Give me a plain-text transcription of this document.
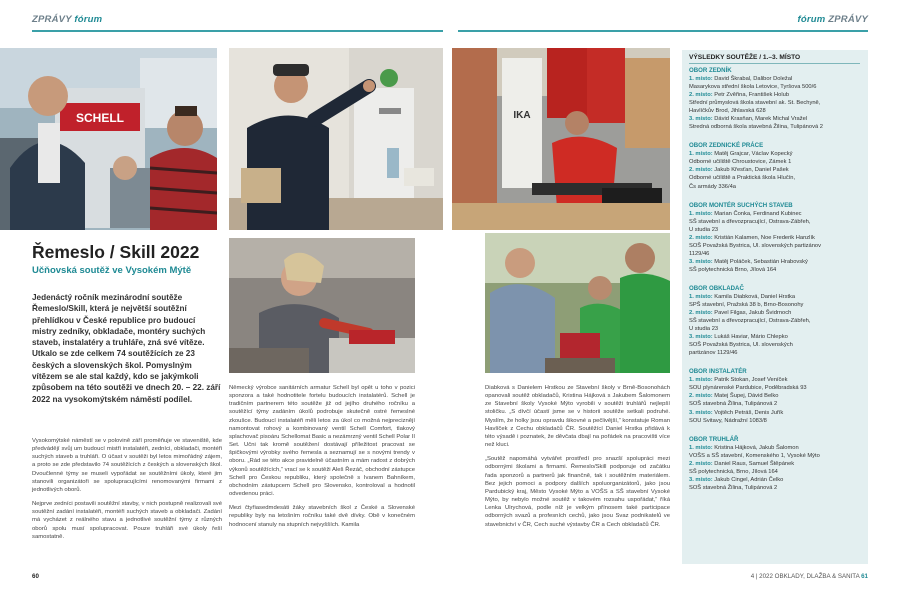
ZPRÁVY fórum	fórum ZPRÁVY
SCHELL	IKA
Řemeslo / Skill 2022
Učňovská soutěž ve Vysokém Mýtě
Jedenáctý ročník mezinárodní soutěže Řemeslo/Skill, která je největší soutěžní přehlídkou v České republice pro budoucí mistry zedníky, obkladače, montéry suchých staveb, instalatéry a truhláře, zná své vítěze. Utkalo se zde celkem 74 soutěžících ze 23 českých a slovenských škol. Pomyslným vítězem se ale stal každý, kdo se jakýmkoli způsobem na této soutěži ve dnech 20. – 22. září 2022 na vysokomýtském náměstí podílel.

Vysokomýtské náměstí se v polovině září proměňuje ve staveniště, kde předvádějí svůj um budoucí mistři instalatéři, zedníci, obkladači, montéři suchých staveb a truhláři. O účast v soutěži byl letos mimořádný zájem, a proto se zde představilo 74 soutěžících z českých a slovenských škol. Dvoučlenné týmy se museli vypořádat se soutěžními úkoly, které jim stanovili organizátoři se spolupracujícími renomovanými firmami z jednotlivých oborů.

Nejprve zedníci postavili soutěžní stavby, v nich postupně realizovali své soutěžní zadání instalatéři, montéři suchých staveb a obkladači. Zadání má vycházet z reálného stavu a jednotlivé soutěžní týmy z různých oborů spolu musí spolupracovat. Pouze truhláři své úkoly řeší samostatně.

Německý výrobce sanitárních armatur Schell byl opět u toho v pozici sponzora a také hodnotitele fortelu budoucích instalatérů. Schell je tradičním partnerem této soutěže již od jejího druhého ročníku a soutěžící týmy zadáním úkolů podrobuje skutečně ostré řemeslné zkoušce. Budoucí instalatéři měli letos za úkol co možná nejpreciznějí namontovat rohový a kombinovaný ventil Schell Comfort, tlakový splachovač pisoáru Schellomat Basic a nezámrzný ventil Schell Polar II Set. Učni tak kromě soutěžení dostávají příležitost pracovat se špičkovými výrobky svého řemesla a seznamují se s novými trendy v oboru. „Rád se této akce pravidelně účastním a mám radost z dobrých výkonů soutěžících,“ vrací se k soutěži Aleš Řezáč, obchodní zástupce Schell pro Českou republiku, který společně s Ivanem Bahníkem, obchodním zástupcem Schell pro Slovensko, kontroloval a hodnotil odvedenou práci.

Mezi čtyřiasedmdesáti žáky stavebních škol z České a Slovenské republiky byly na letošním ročníku také dvě dívky. Obě v konečném hodnocení stanuly na stupních nejvyšších. Kamila

Diabková s Danielem Hrstkou ze Stavební školy v Brně-Bosonohách opanovali soutěž obkladačů, Kristina Hájková s Jakubem Šalomonem ze Stavební školy Vysoké Mýto vyrobili v soutěži truhlářů nejlepší stoličku. „S dívčí účastí jsme se v historii soutěže setkali podruhé. Myslím, že holky jsou opravdu šikovné a pečlivější,“ konstatuje Roman Havlíček z Cechu obkladačů ČR. Soutěžící Daniel Hrstka přidává k této výsadě i poznatek, že děvčata dbají na pořádek na pracovišti více než kluci.

„Soutěž napomáhá vytvářet prostředí pro snazší spolupráci mezi odbornými školami a firmami. Řemeslo/Skill podporuje od začátku řada sponzorů a partnerů jak finančně, tak i soutěžním materiálem. Bez jejich pomoci a podpory dalších spoluorganizátorů, jako jsou Pardubický kraj, Město Vysoké Mýto a VOŠS a SŠ stavební Vysoké Mýto, by nebylo možné soutěž v takovém rozsahu uspořádat,“ říká Lenka Ulrychová, podle níž je velkým přínosem také participace odborných svazů a profesních cechů, jako jsou Svaz podnikatelů ve stavebnictví v ČR, Cech suché výstavby ČR a Cech obkladačů ČR.

VÝSLEDKY SOUTĚŽE / 1.–3. MÍSTO
OBOR ZEDNÍK
1. místo: David Škrabal, Dalibor Doležal
Masarykova střední škola Letovice, Tyršova 500/6
2. místo: Petr Zvěřina, František Holub
Střední průmyslová škola stavební ak. St. Bechyně,
Havlíčkův Brod, Jihlavská 628
3. místo: Dávid Krasňan, Marek Michal Vražel
Stredná odborná škola stavebná Žilina, Tulipánová 2
OBOR ZEDNICKÉ PRÁCE
1. místo: Matěj Grajcar, Václav Kopecký
Odborné učiliště Chroustovice, Zámek 1
2. místo: Jakub Křesťan, Daniel Pašek
Odborné učiliště a Praktická škola Hlučín,
Čs armády 336/4a
OBOR MONTÉR SUCHÝCH STAVEB
1. místo: Marian Čonka, Ferdinand Kubinec
SŠ stavební a dřevozpracující, Ostrava-Zábřeh,
U studia 23
2. místo: Kristián Kalamen, Noe Frederik Hanzlík
SOŠ Považská Bystrica, Ul. slovenských partizánov
1129/46
3. místo: Matěj Poláček, Sebastián Hrabovský
SŠ polytechnická Brno, Jílová 164
OBOR OBKLADAČ
1. místo: Kamila Diabková, Daniel Hrstka
SPŠ stavební, Pražská 38 b, Brno-Bosonohy
2. místo: Pavel Filgas, Jakub Švidrnoch
SŠ stavební a dřevozpracující, Ostrava-Zábřeh,
U studia 23
3. místo: Lukáš Haviar, Mário Chlepko
SOŠ Považská Bystrica, Ul. slovenských
partizánov 1129/46
OBOR INSTALATÉR
1. místo: Patrik Stokan, Josef Veníček
SOU plynárenské Pardubice, Poděbradská 93
2. místo: Matej Šupej, Dávid Belko
SOŠ stavebná Žilina, Tulipánová 2
3. místo: Vojtěch Petráš, Denis Juřík
SOU Svitavy, Nádražní 1083/8
OBOR TRUHLÁŘ
1. místo: Kristina Hájková, Jakub Šalomon
VOŠS a SŠ stavební, Komenského 1, Vysoké Mýto
2. místo: Daniel Raus, Samuel Štěpánek
SŠ polytechnická, Brno, Jílová 164
3. místo: Jakub Cingel, Adrián Čelko
SOŠ stavebná Žilina, Tulipánová 2
60	4 | 2022 OBKLADY, DLAŽBA & SANITA 61
